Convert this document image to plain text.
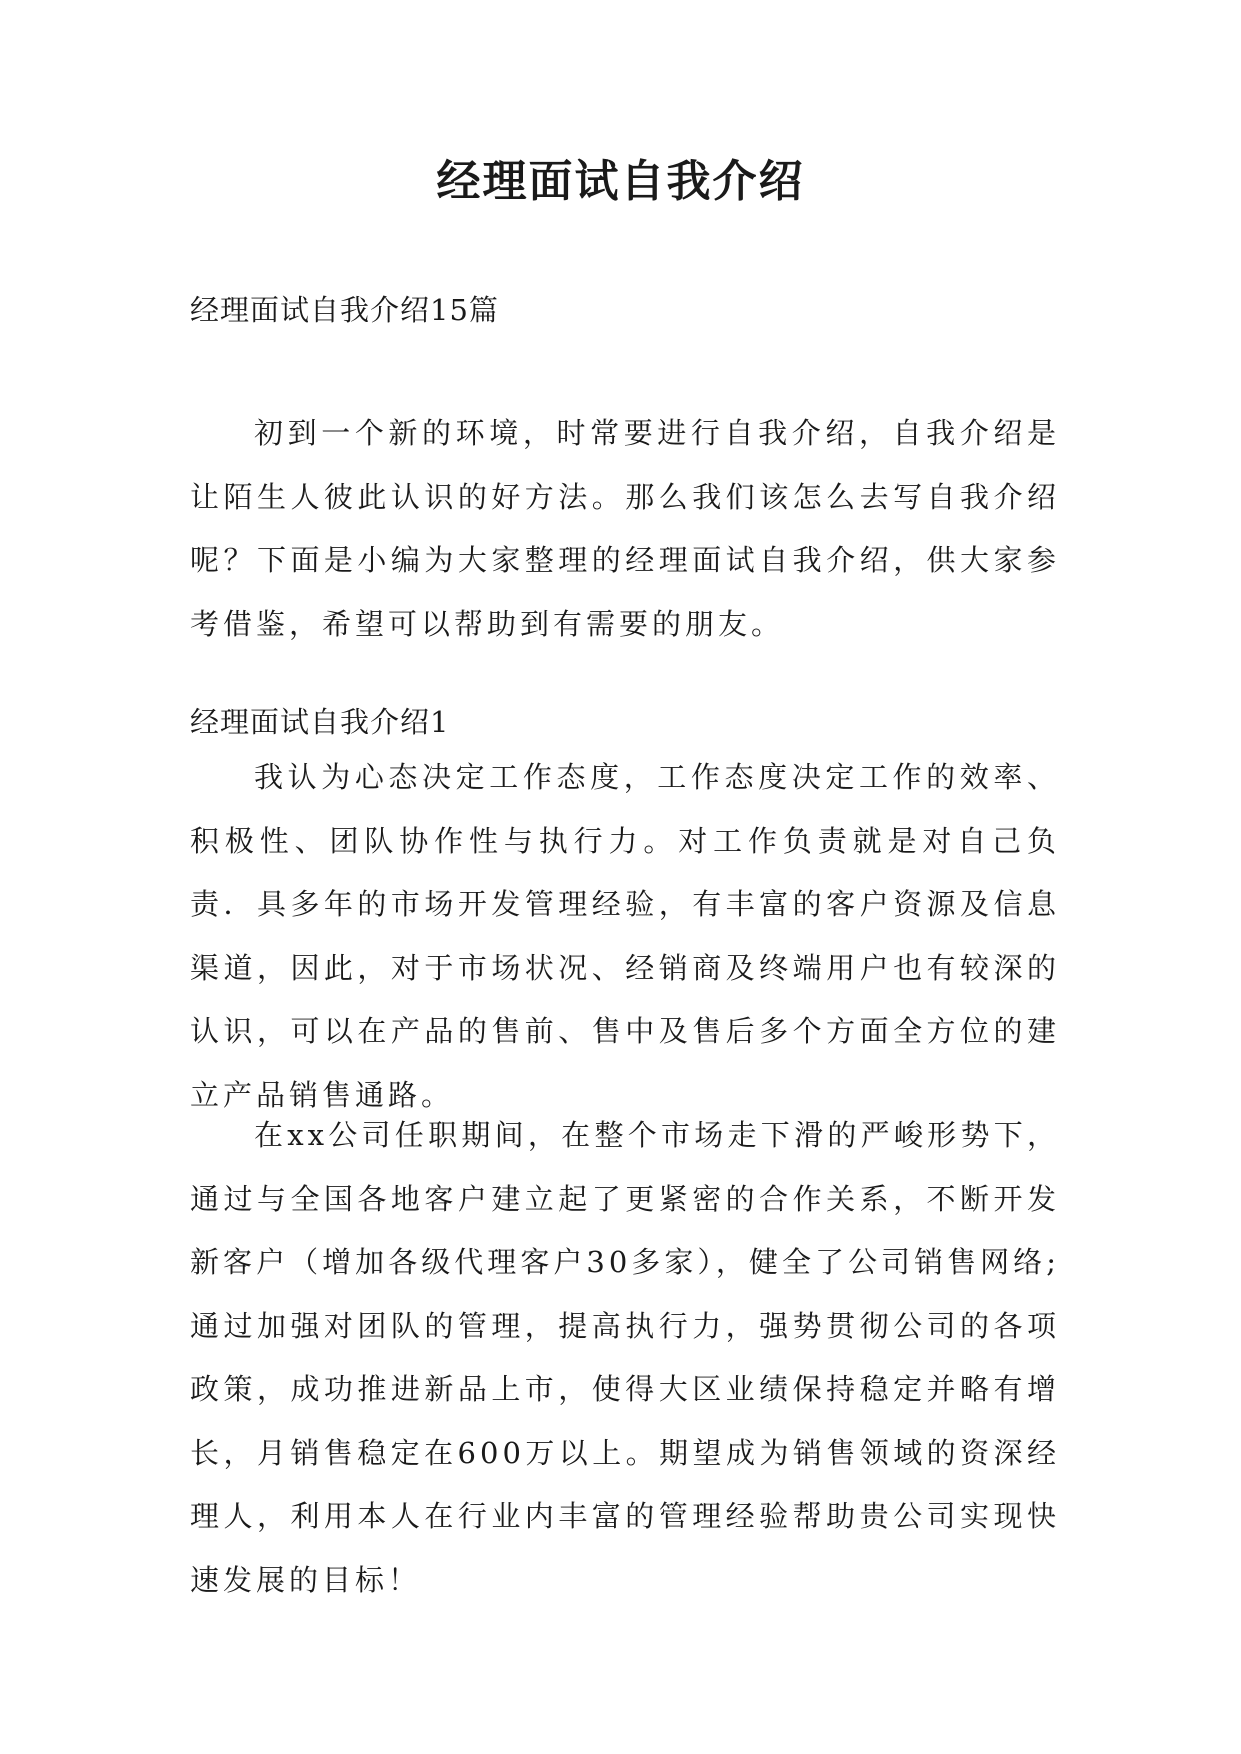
经理面试自我介绍

经理面试自我介绍15篇

初到一个新的环境，时常要进行自我介绍，自我介绍是让陌生人彼此认识的好方法。那么我们该怎么去写自我介绍呢？下面是小编为大家整理的经理面试自我介绍，供大家参考借鉴，希望可以帮助到有需要的朋友。

经理面试自我介绍1

我认为心态决定工作态度，工作态度决定工作的效率、积极性、团队协作性与执行力。对工作负责就是对自己负责．具多年的市场开发管理经验，有丰富的客户资源及信息渠道，因此，对于市场状况、经销商及终端用户也有较深的认识，可以在产品的售前、售中及售后多个方面全方位的建立产品销售通路。

在xx公司任职期间，在整个市场走下滑的严峻形势下，通过与全国各地客户建立起了更紧密的合作关系，不断开发新客户（增加各级代理客户30多家），健全了公司销售网络;通过加强对团队的管理，提高执行力，强势贯彻公司的各项政策，成功推进新品上市，使得大区业绩保持稳定并略有增长，月销售稳定在600万以上。期望成为销售领域的资深经理人，利用本人在行业内丰富的管理经验帮助贵公司实现快速发展的目标！
